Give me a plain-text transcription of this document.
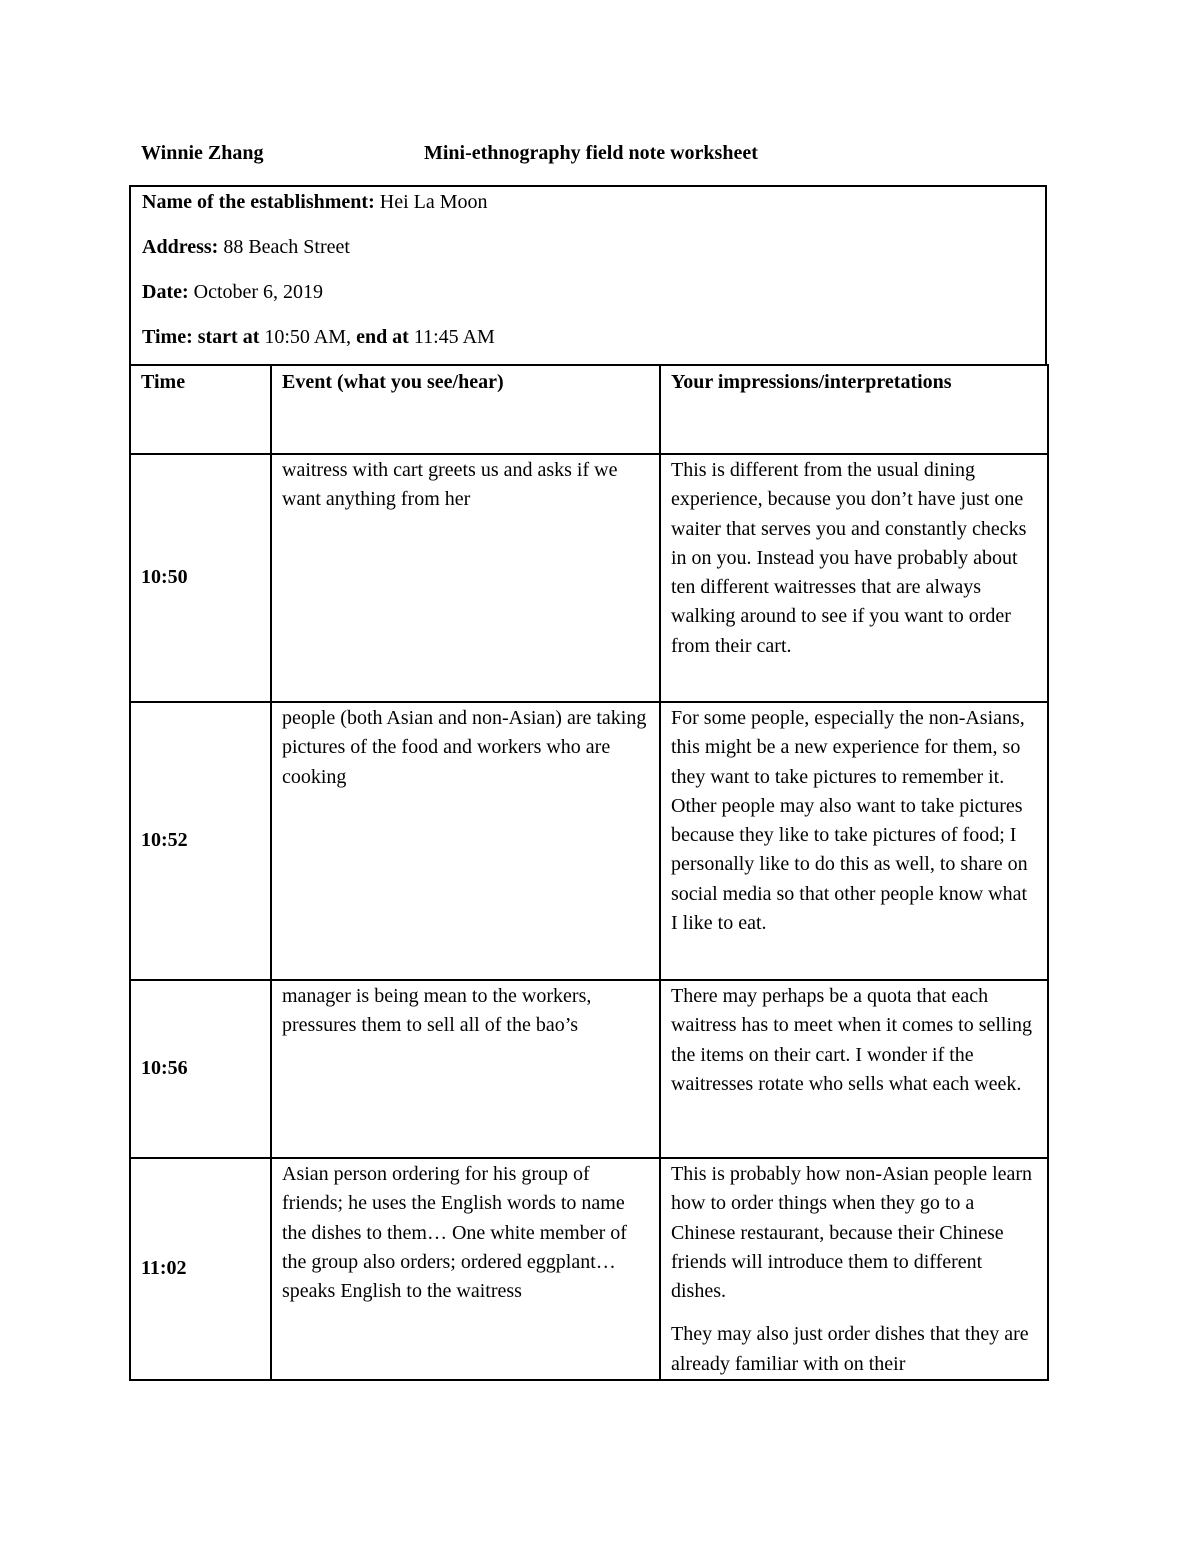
Winnie Zhang	Mini-ethnography field note worksheet
Name of the establishment: Hei La Moon
Address: 88 Beach Street
Date: October 6, 2019
Time: start at 10:50 AM, end at 11:45 AM
Time	Event (what you see/hear)	Your impressions/interpretations
10:50	waitress with cart greets us and asks if we want anything from her	This is different from the usual dining experience, because you don’t have just one waiter that serves you and constantly checks in on you. Instead you have probably about ten different waitresses that are always walking around to see if you want to order from their cart.

10:52	people (both Asian and non-Asian) are taking pictures of the food and workers who are cooking	For some people, especially the non-Asians, this might be a new experience for them, so they want to take pictures to remember it. Other people may also want to take pictures because they like to take pictures of food; I personally like to do this as well, to share on social media so that other people know what I like to eat.

10:56	manager is being mean to the workers, pressures them to sell all of the bao’s	There may perhaps be a quota that each waitress has to meet when it comes to selling the items on their cart. I wonder if the waitresses rotate who sells what each week.

11:02	Asian person ordering for his group of friends; he uses the English words to name the dishes to them… One white member of the group also orders; ordered eggplant… speaks English to the waitress	This is probably how non-Asian people learn how to order things when they go to a Chinese restaurant, because their Chinese friends will introduce them to different dishes.
They may also just order dishes that they are already familiar with on their
